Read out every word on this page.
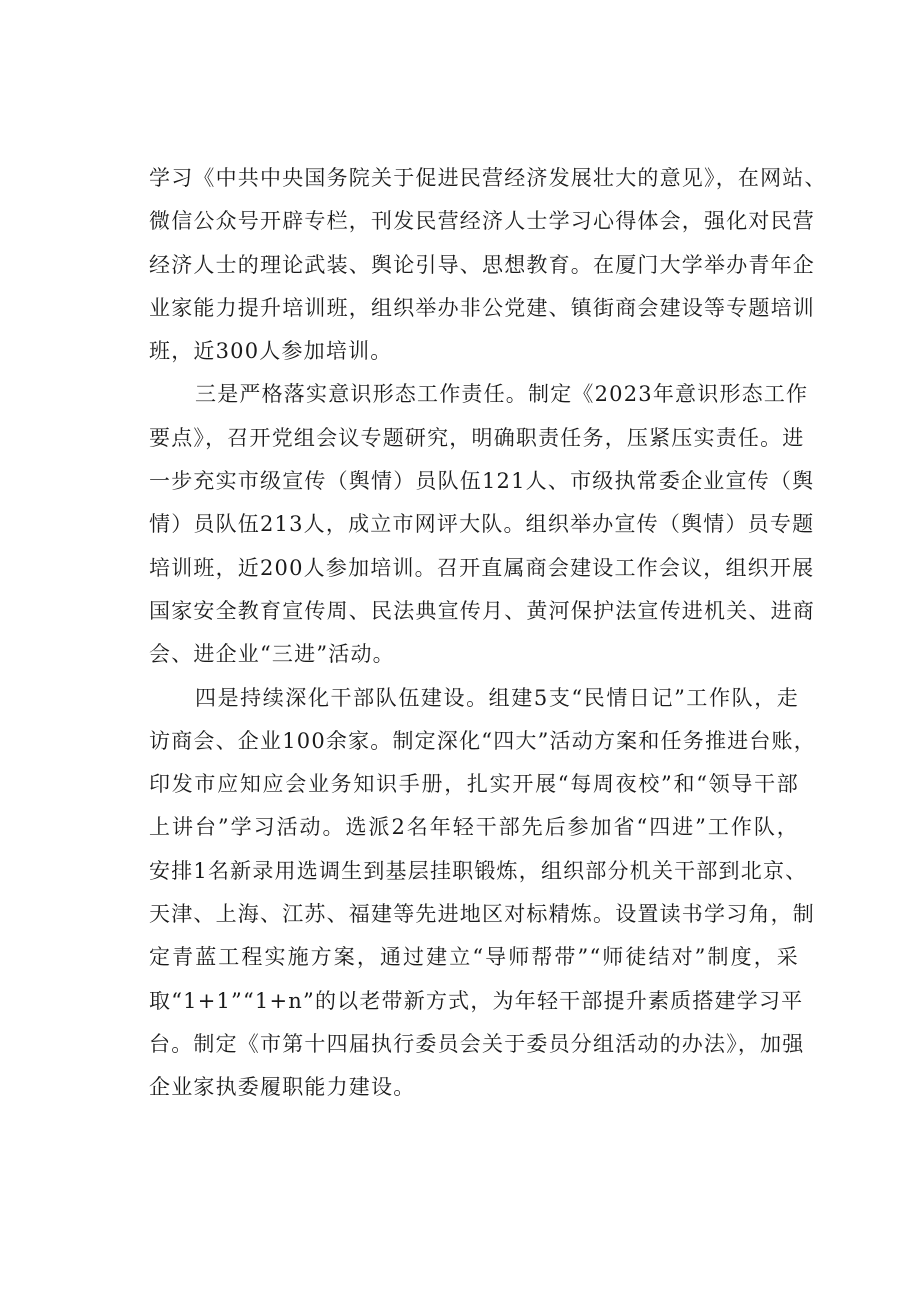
学习《中共中央国务院关于促进民营经济发展壮大的意见》，在网站、
微信公众号开辟专栏，刊发民营经济人士学习心得体会，强化对民营
经济人士的理论武装、舆论引导、思想教育。在厦门大学举办青年企
业家能力提升培训班，组织举办非公党建、镇街商会建设等专题培训
班，近300人参加培训。
三是严格落实意识形态工作责任。制定《2023年意识形态工作
要点》，召开党组会议专题研究，明确职责任务，压紧压实责任。进
一步充实市级宣传（舆情）员队伍121人、市级执常委企业宣传（舆
情）员队伍213人，成立市网评大队。组织举办宣传（舆情）员专题
培训班，近200人参加培训。召开直属商会建设工作会议，组织开展
国家安全教育宣传周、民法典宣传月、黄河保护法宣传进机关、进商
会、进企业“三进”活动。
四是持续深化干部队伍建设。组建5支“民情日记”工作队，走
访商会、企业100余家。制定深化“四大”活动方案和任务推进台账，
印发市应知应会业务知识手册，扎实开展“每周夜校”和“领导干部
上讲台”学习活动。选派2名年轻干部先后参加省“四进”工作队，
安排1名新录用选调生到基层挂职锻炼，组织部分机关干部到北京、
天津、上海、江苏、福建等先进地区对标精炼。设置读书学习角，制
定青蓝工程实施方案，通过建立“导师帮带”“师徒结对”制度，采
取“1+1”“1+n”的以老带新方式，为年轻干部提升素质搭建学习平
台。制定《市第十四届执行委员会关于委员分组活动的办法》，加强
企业家执委履职能力建设。
